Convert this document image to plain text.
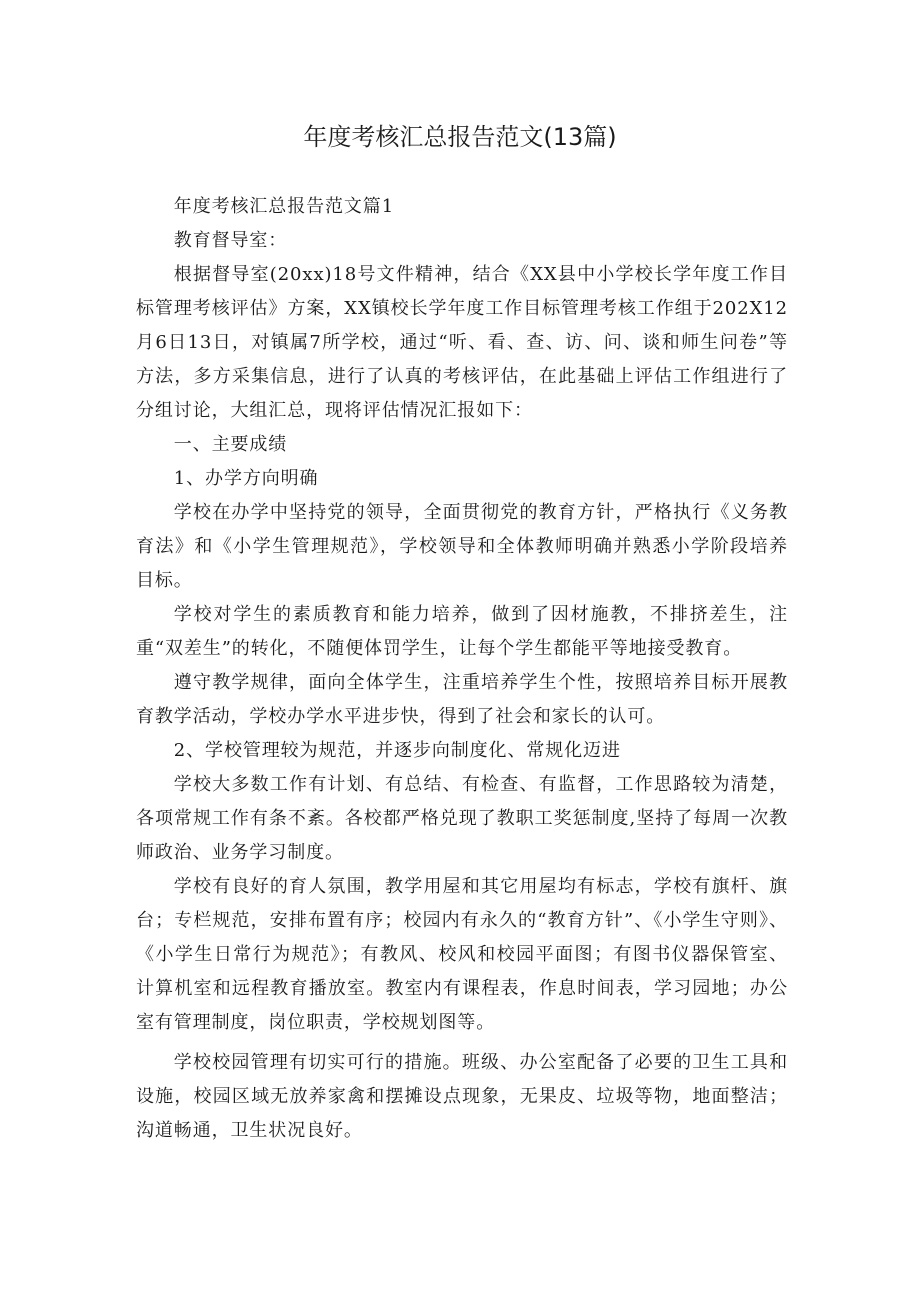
年度考核汇总报告范文(13篇)

年度考核汇总报告范文篇1

教育督导室：

根据督导室(20xx)18号文件精神，结合《XX县中小学校长学年度工作目标管理考核评估》方案，XX镇校长学年度工作目标管理考核工作组于202X12月6日13日，对镇属7所学校，通过“听、看、查、访、问、谈和师生问卷”等方法，多方采集信息，进行了认真的考核评估，在此基础上评估工作组进行了分组讨论，大组汇总，现将评估情况汇报如下：

一、主要成绩

1、办学方向明确

学校在办学中坚持党的领导，全面贯彻党的教育方针，严格执行《义务教育法》和《小学生管理规范》，学校领导和全体教师明确并熟悉小学阶段培养目标。

学校对学生的素质教育和能力培养，做到了因材施教，不排挤差生，注重“双差生”的转化，不随便体罚学生，让每个学生都能平等地接受教育。

遵守教学规律，面向全体学生，注重培养学生个性，按照培养目标开展教育教学活动，学校办学水平进步快，得到了社会和家长的认可。

2、学校管理较为规范，并逐步向制度化、常规化迈进

学校大多数工作有计划、有总结、有检查、有监督，工作思路较为清楚，各项常规工作有条不紊。各校都严格兑现了教职工奖惩制度,坚持了每周一次教师政治、业务学习制度。

学校有良好的育人氛围，教学用屋和其它用屋均有标志，学校有旗杆、旗台；专栏规范，安排布置有序；校园内有永久的“教育方针”、《小学生守则》、《小学生日常行为规范》；有教风、校风和校园平面图；有图书仪器保管室、计算机室和远程教育播放室。教室内有课程表，作息时间表，学习园地；办公室有管理制度，岗位职责，学校规划图等。

学校校园管理有切实可行的措施。班级、办公室配备了必要的卫生工具和设施，校园区域无放养家禽和摆摊设点现象，无果皮、垃圾等物，地面整洁；沟道畅通，卫生状况良好。
